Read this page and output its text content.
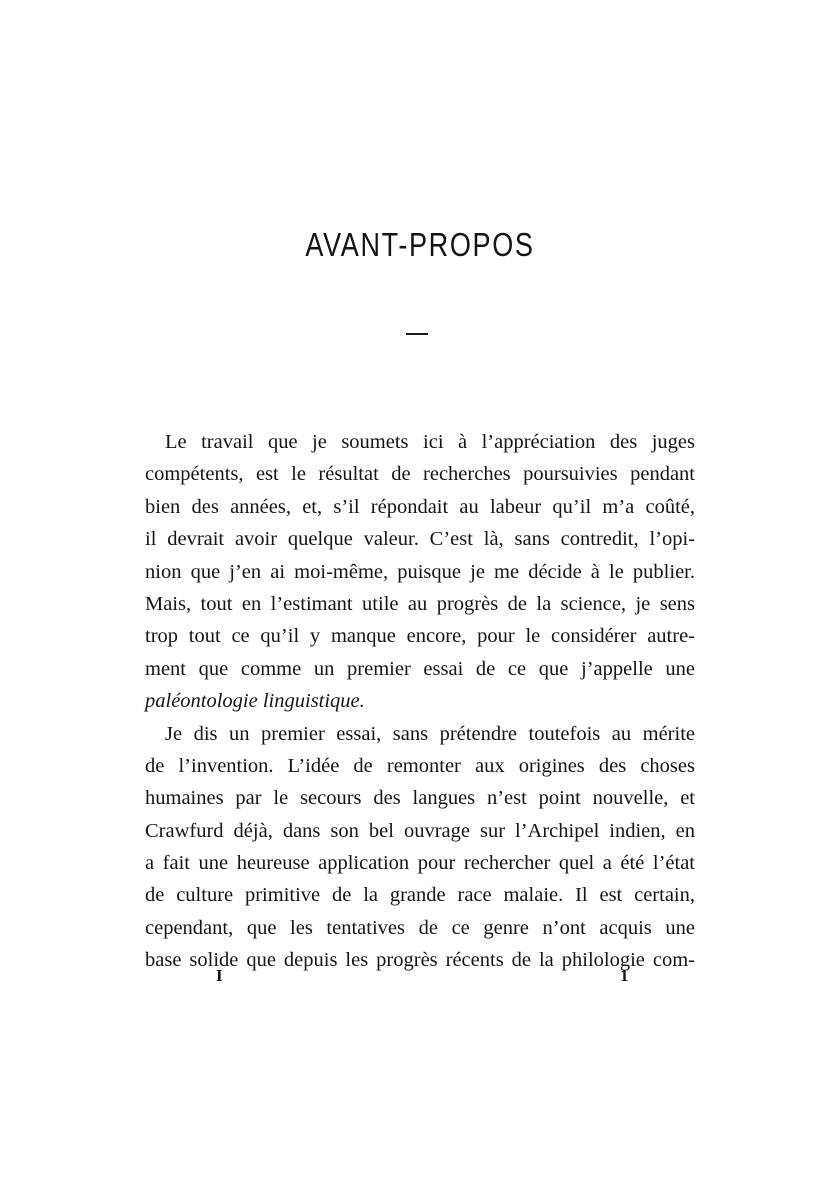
AVANT-PROPOS
Le travail que je soumets ici à l’appréciation des juges
compétents, est le résultat de recherches poursuivies pendant
bien des années, et, s’il répondait au labeur qu’il m’a coûté,
il devrait avoir quelque valeur. C’est là, sans contredit, l’opi-
nion que j’en ai moi-même, puisque je me décide à le publier.
Mais, tout en l’estimant utile au progrès de la science, je sens
trop tout ce qu’il y manque encore, pour le considérer autre-
ment que comme un premier essai de ce que j’appelle une
paléontologie linguistique.
Je dis un premier essai, sans prétendre toutefois au mérite
de l’invention. L’idée de remonter aux origines des choses
humaines par le secours des langues n’est point nouvelle, et
Crawfurd déjà, dans son bel ouvrage sur l’Archipel indien, en
a fait une heureuse application pour rechercher quel a été l’état
de culture primitive de la grande race malaie. Il est certain,
cependant, que les tentatives de ce genre n’ont acquis une
base solide que depuis les progrès récents de la philologie com-
I	1
